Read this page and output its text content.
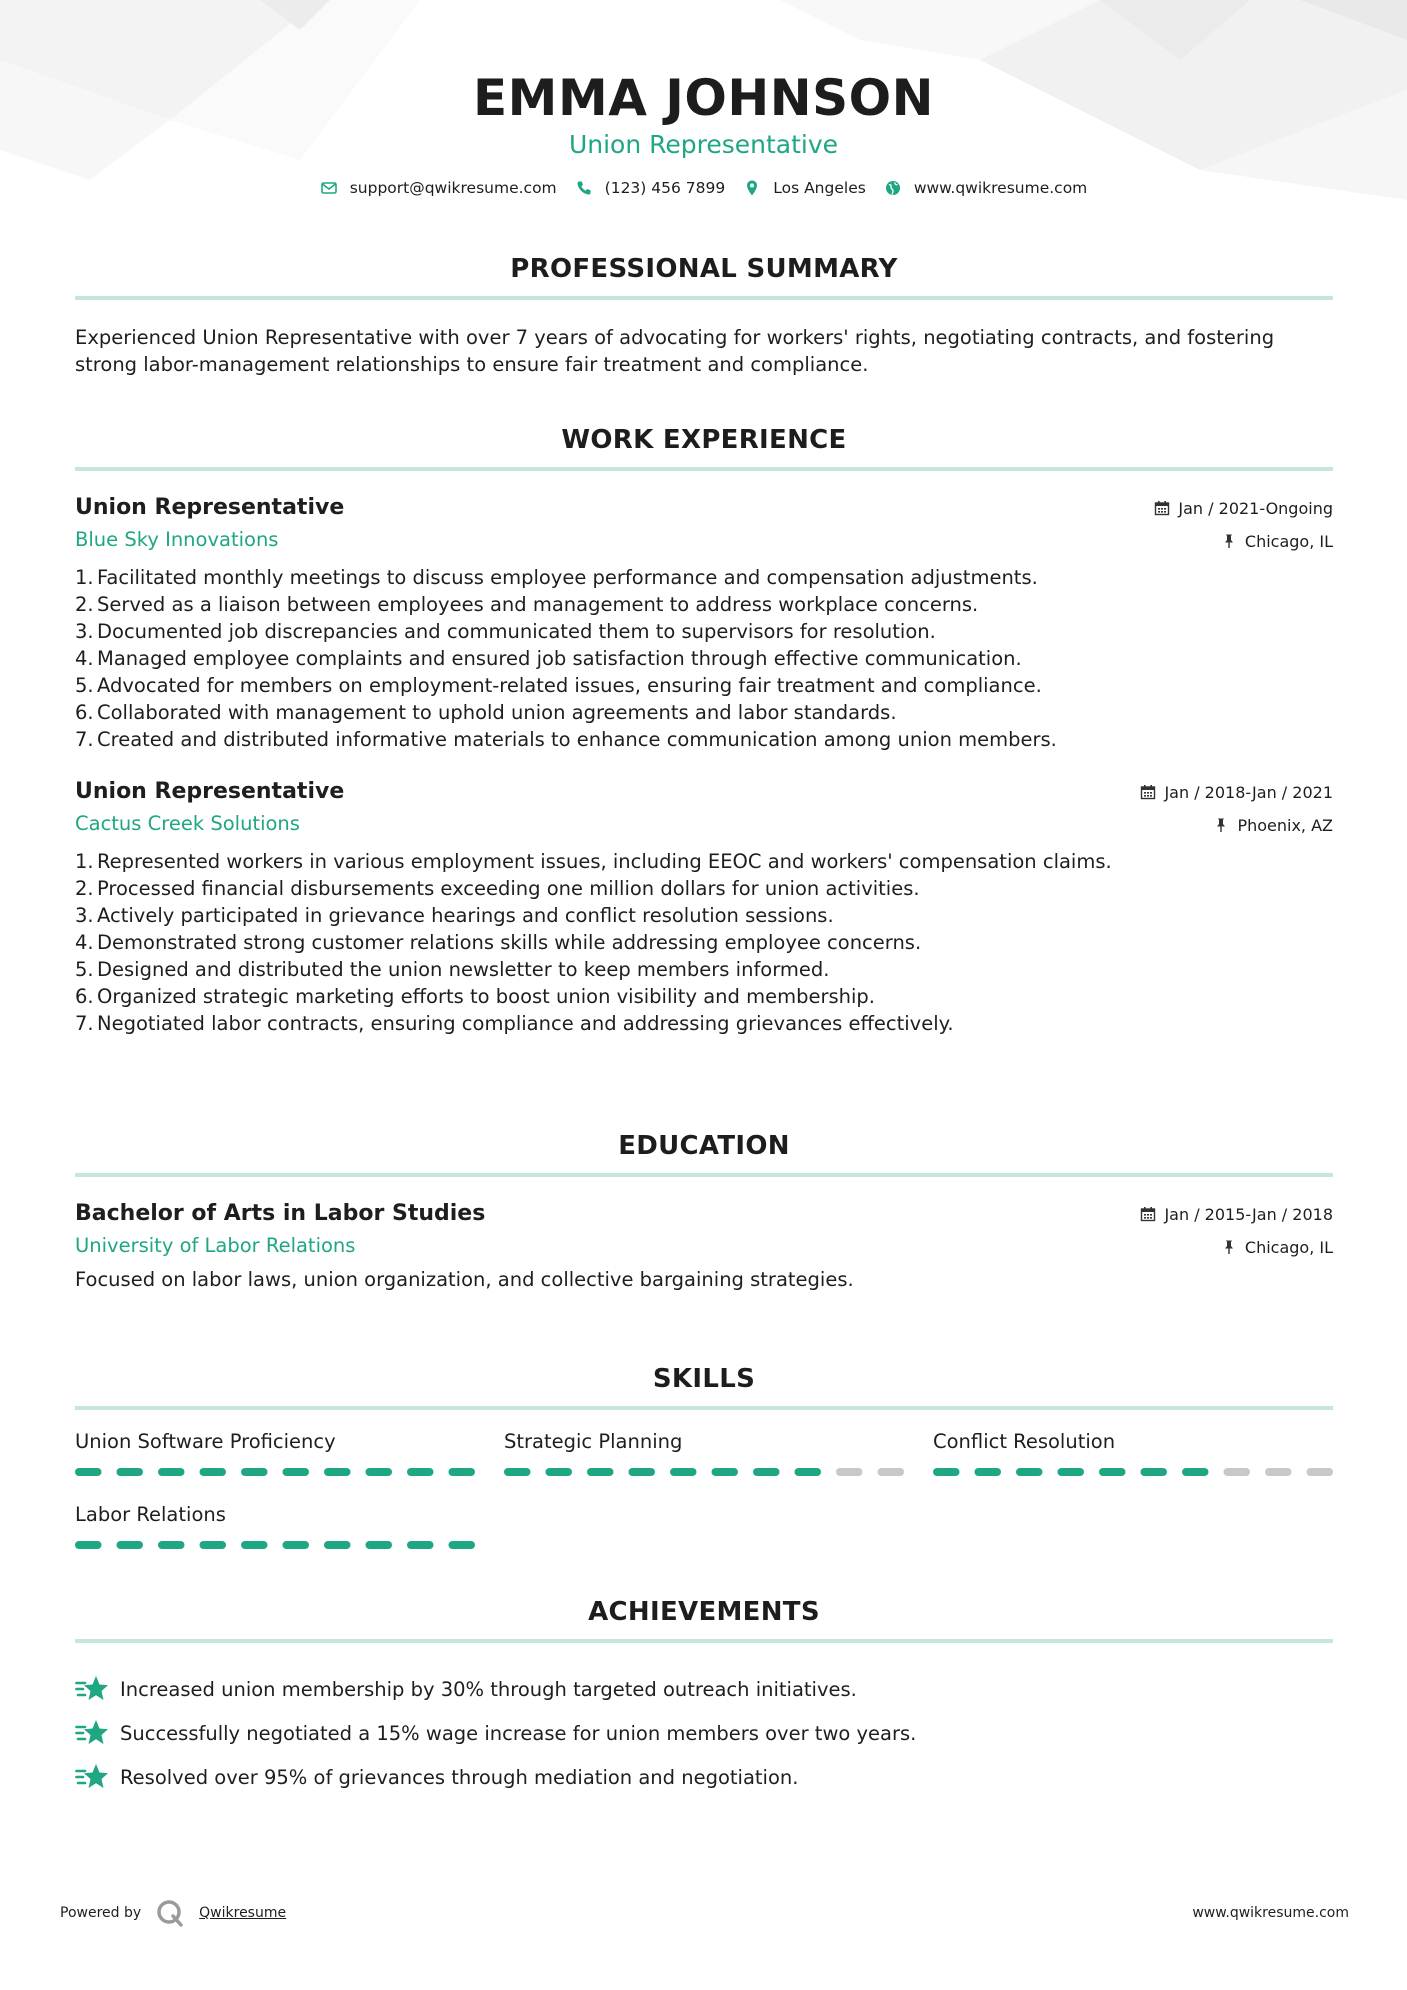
EMMA JOHNSON
Union Representative
support@qwikresume.com	(123) 456 7899	Los Angeles	www.qwikresume.com
PROFESSIONAL SUMMARY
Experienced Union Representative with over 7 years of advocating for workers' rights, negotiating contracts, and fostering strong labor-management relationships to ensure fair treatment and compliance.
WORK EXPERIENCE
Union Representative
Blue Sky Innovations
Jan / 2021-Ongoing
Chicago, IL
1. Facilitated monthly meetings to discuss employee performance and compensation adjustments.
2. Served as a liaison between employees and management to address workplace concerns.
3. Documented job discrepancies and communicated them to supervisors for resolution.
4. Managed employee complaints and ensured job satisfaction through effective communication.
5. Advocated for members on employment-related issues, ensuring fair treatment and compliance.
6. Collaborated with management to uphold union agreements and labor standards.
7. Created and distributed informative materials to enhance communication among union members.
Union Representative
Cactus Creek Solutions
Jan / 2018-Jan / 2021
Phoenix, AZ
1. Represented workers in various employment issues, including EEOC and workers' compensation claims.
2. Processed financial disbursements exceeding one million dollars for union activities.
3. Actively participated in grievance hearings and conflict resolution sessions.
4. Demonstrated strong customer relations skills while addressing employee concerns.
5. Designed and distributed the union newsletter to keep members informed.
6. Organized strategic marketing efforts to boost union visibility and membership.
7. Negotiated labor contracts, ensuring compliance and addressing grievances effectively.
EDUCATION
Bachelor of Arts in Labor Studies
University of Labor Relations
Jan / 2015-Jan / 2018
Chicago, IL
Focused on labor laws, union organization, and collective bargaining strategies.
SKILLS
Union Software Proficiency	Strategic Planning	Conflict Resolution
Labor Relations
ACHIEVEMENTS
Increased union membership by 30% through targeted outreach initiatives.
Successfully negotiated a 15% wage increase for union members over two years.
Resolved over 95% of grievances through mediation and negotiation.
Powered by	Qwikresume	www.qwikresume.com
